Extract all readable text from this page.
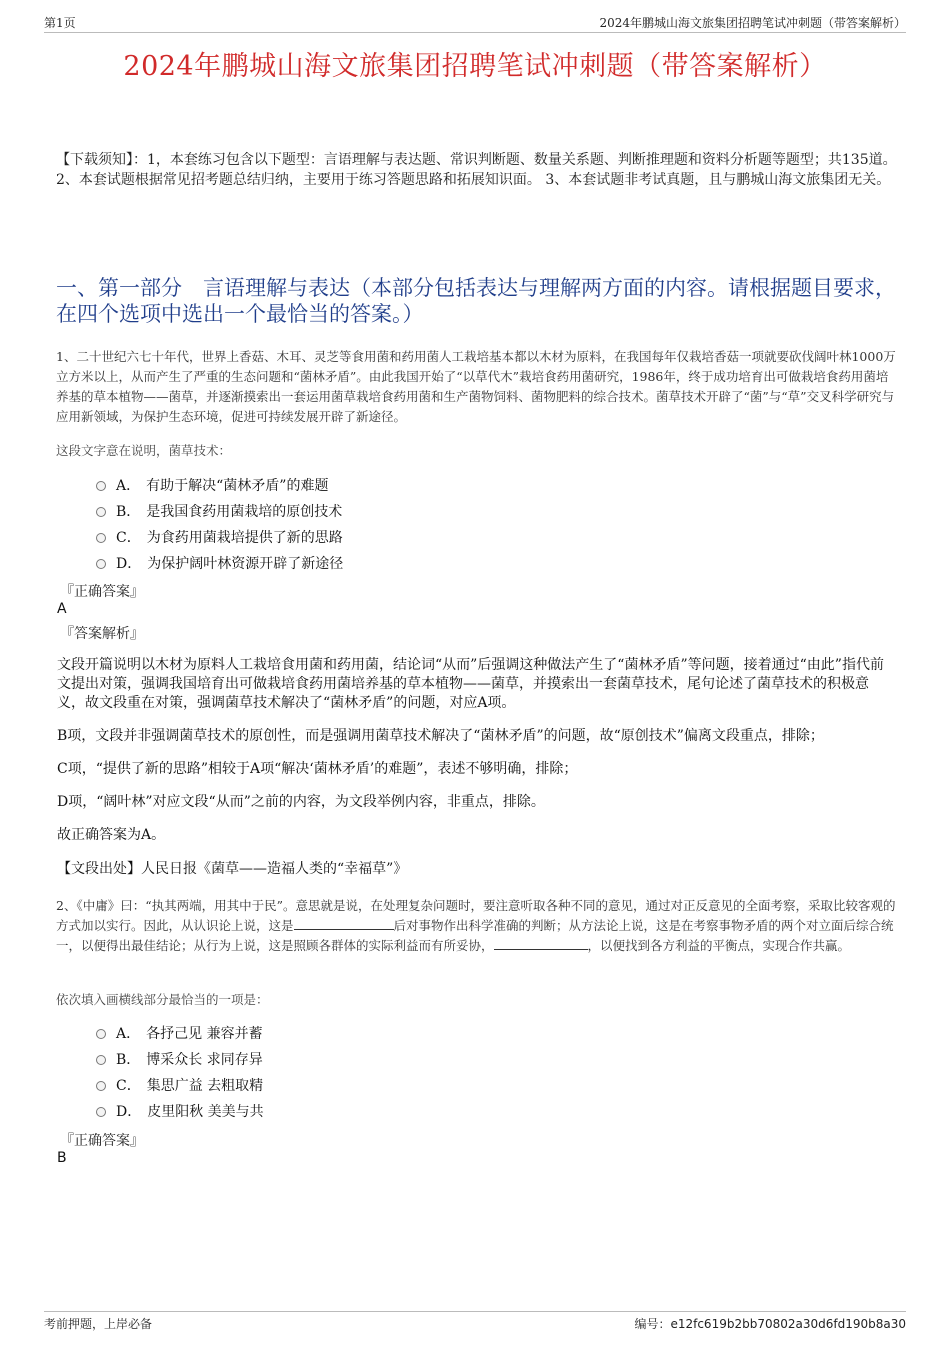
第1页	2024年鹏城山海文旅集团招聘笔试冲刺题（带答案解析）
2024年鹏城山海文旅集团招聘笔试冲刺题（带答案解析）
【下载须知】：1，本套练习包含以下题型：言语理解与表达题、常识判断题、数量关系题、判断推理题和资料分析题等题型；共135道。 2、本套试题根据常见招考题总结归纳，主要用于练习答题思路和拓展知识面。 3、本套试题非考试真题，且与鹏城山海文旅集团无关。
一、第一部分　言语理解与表达（本部分包括表达与理解两方面的内容。请根据题目要求，在四个选项中选出一个最恰当的答案。）
1、二十世纪六七十年代，世界上香菇、木耳、灵芝等食用菌和药用菌人工栽培基本都以木材为原料，在我国每年仅栽培香菇一项就要砍伐阔叶林1000万立方米以上，从而产生了严重的生态问题和“菌林矛盾”。由此我国开始了“以草代木”栽培食药用菌研究，1986年，终于成功培育出可做栽培食药用菌培养基的草本植物——菌草，并逐渐摸索出一套运用菌草栽培食药用菌和生产菌物饲料、菌物肥料的综合技术。菌草技术开辟了“菌”与“草”交叉科学研究与应用新领域，为保护生态环境，促进可持续发展开辟了新途径。
这段文字意在说明，菌草技术：
A． 有助于解决“菌林矛盾”的难题
B． 是我国食药用菌栽培的原创技术
C． 为食药用菌栽培提供了新的思路
D． 为保护阔叶林资源开辟了新途径
『正确答案』
A
『答案解析』
文段开篇说明以木材为原料人工栽培食用菌和药用菌，结论词“从而”后强调这种做法产生了“菌林矛盾”等问题，接着通过“由此”指代前文提出对策，强调我国培育出可做栽培食药用菌培养基的草本植物——菌草，并摸索出一套菌草技术，尾句论述了菌草技术的积极意义，故文段重在对策，强调菌草技术解决了“菌林矛盾”的问题，对应A项。
B项，文段并非强调菌草技术的原创性，而是强调用菌草技术解决了“菌林矛盾”的问题，故“原创技术”偏离文段重点，排除；
C项，“提供了新的思路”相较于A项“解决‘菌林矛盾’的难题”，表述不够明确，排除；
D项，“阔叶林”对应文段“从而”之前的内容，为文段举例内容，非重点，排除。
故正确答案为A。
【文段出处】人民日报《菌草——造福人类的“幸福草”》
2、《中庸》曰：“执其两端，用其中于民”。意思就是说，在处理复杂问题时，要注意听取各种不同的意见，通过对正反意见的全面考察，采取比较客观的方式加以实行。因此，从认识论上说，这是	后对事物作出科学准确的判断；从方法论上说，这是在考察事物矛盾的两个对立面后综合统一，以便得出最佳结论；从行为上说，这是照顾各群体的实际利益而有所妥协，	，以便找到各方利益的平衡点，实现合作共赢。
依次填入画横线部分最恰当的一项是：
A． 各抒己见 兼容并蓄
B． 博采众长 求同存异
C． 集思广益 去粗取精
D． 皮里阳秋 美美与共
『正确答案』
B
考前押题，上岸必备	编号：e12fc619b2bb70802a30d6fd190b8a30
